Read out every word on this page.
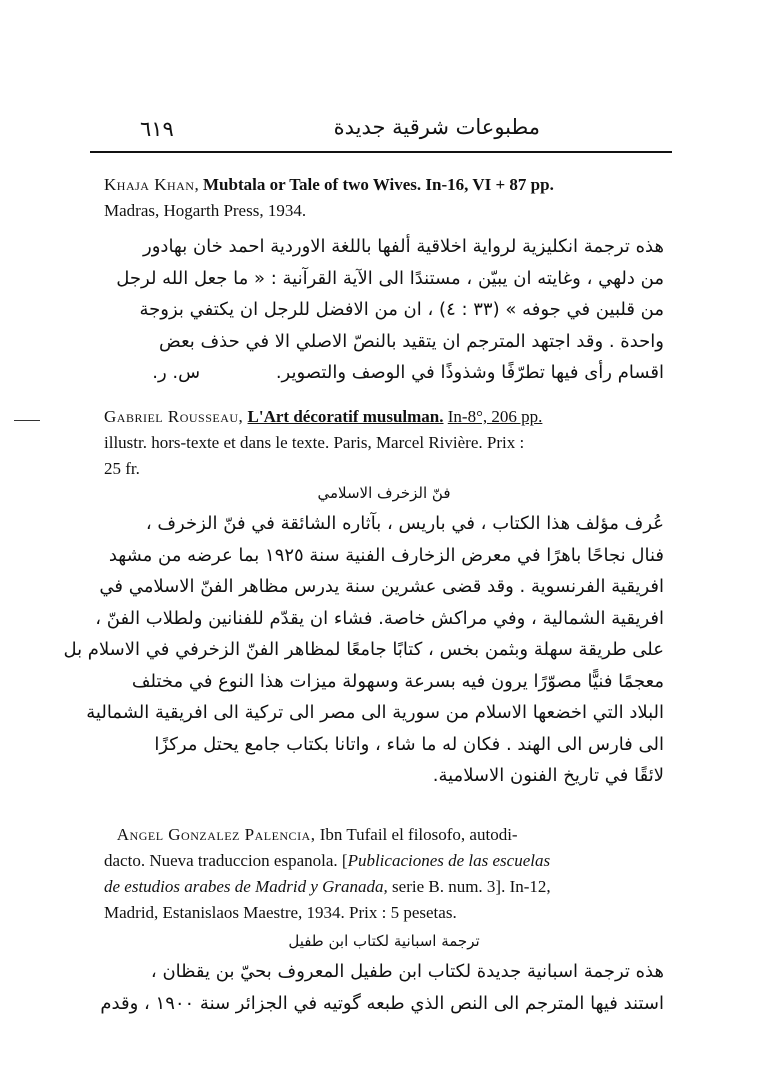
مطبوعات شرقية جديدة
٦١٩
Khaja Khan, Mubtala or Tale of two Wives. In-16, VI + 87 pp.
Madras, Hogarth Press, 1934.
هذه ترجمة انكليزية لرواية اخلاقية ألفها باللغة الاوردية احمد خان بهادور
من دلهي ، وغايته ان يبيّن ، مستندًا الى الآية القرآنية : « ما جعل الله لرجل
من قلبين في جوفه » (٣٣ : ٤) ، ان من الافضل للرجل ان يكتفي بزوجة
واحدة . وقد اجتهد المترجم ان يتقيد بالنصّ الاصلي الا في حذف بعض
اقسام رأى فيها تطرّفًا وشذوذًا في الوصف والتصوير. س. ر.
Gabriel Rousseau, L'Art décoratif musulman. In-8°, 206 pp.
illustr. hors-texte et dans le texte. Paris, Marcel Rivière. Prix :
25 fr.
فنّ الزخرف الاسلامي
عُرف مؤلف هذا الكتاب ، في باريس ، بآثاره الشائقة في فنّ الزخرف ،
فنال نجاحًا باهرًا في معرض الزخارف الفنية سنة ١٩٢٥ بما عرضه من مشهد
افريقية الفرنسوية . وقد قضى عشرين سنة يدرس مظاهر الفنّ الاسلامي في
افريقية الشمالية ، وفي مراكش خاصة. فشاء ان يقدّم للفنانين ولطلاب الفنّ ،
على طريقة سهلة وبثمن بخس ، كتابًا جامعًا لمظاهر الفنّ الزخرفي في الاسلام بل
معجمًا فنيًّا مصوّرًا يرون فيه بسرعة وسهولة ميزات هذا النوع في مختلف
البلاد التي اخضعها الاسلام من سورية الى مصر الى تركية الى افريقية الشمالية
الى فارس الى الهند . فكان له ما شاء ، واتانا بكتاب جامع يحتل مركزًا
لائقًا في تاريخ الفنون الاسلامية.
Angel Gonzalez Palencia, Ibn Tufail el filosofo, autodi-
dacto. Nueva traduccion espanola. [Publicaciones de las escuelas
de estudios arabes de Madrid y Granada, serie B. num. 3]. In-12,
Madrid, Estanislaos Maestre, 1934. Prix : 5 pesetas.
ترجمة اسبانية لكتاب ابن طفيل
هذه ترجمة اسبانية جديدة لكتاب ابن طفيل المعروف بحيّ بن يقظان ،
استند فيها المترجم الى النص الذي طبعه گوتيه في الجزائر سنة ١٩٠٠ ، وقدم
